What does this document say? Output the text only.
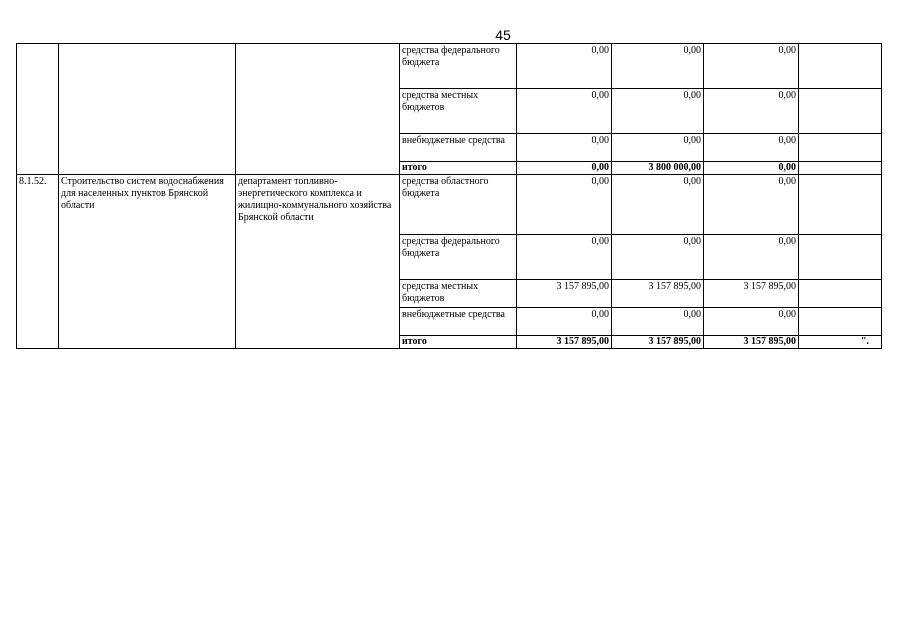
45
			средства федерального бюджета	0,00	0,00	0,00	
			средства местных бюджетов	0,00	0,00	0,00	
			внебюджетные средства	0,00	0,00	0,00	
			итого	0,00	3 800 000,00	0,00	
8.1.52.	Строительство систем водоснабжения для населенных пунктов Брянской области	департамент топливно-энергетического комплекса и жилищно-коммунального хозяйства Брянской области	средства областного бюджета	0,00	0,00	0,00	
			средства федерального бюджета	0,00	0,00	0,00	
			средства местных бюджетов	3 157 895,00	3 157 895,00	3 157 895,00	
			внебюджетные средства	0,00	0,00	0,00	
			итого	3 157 895,00	3 157 895,00	3 157 895,00	".
